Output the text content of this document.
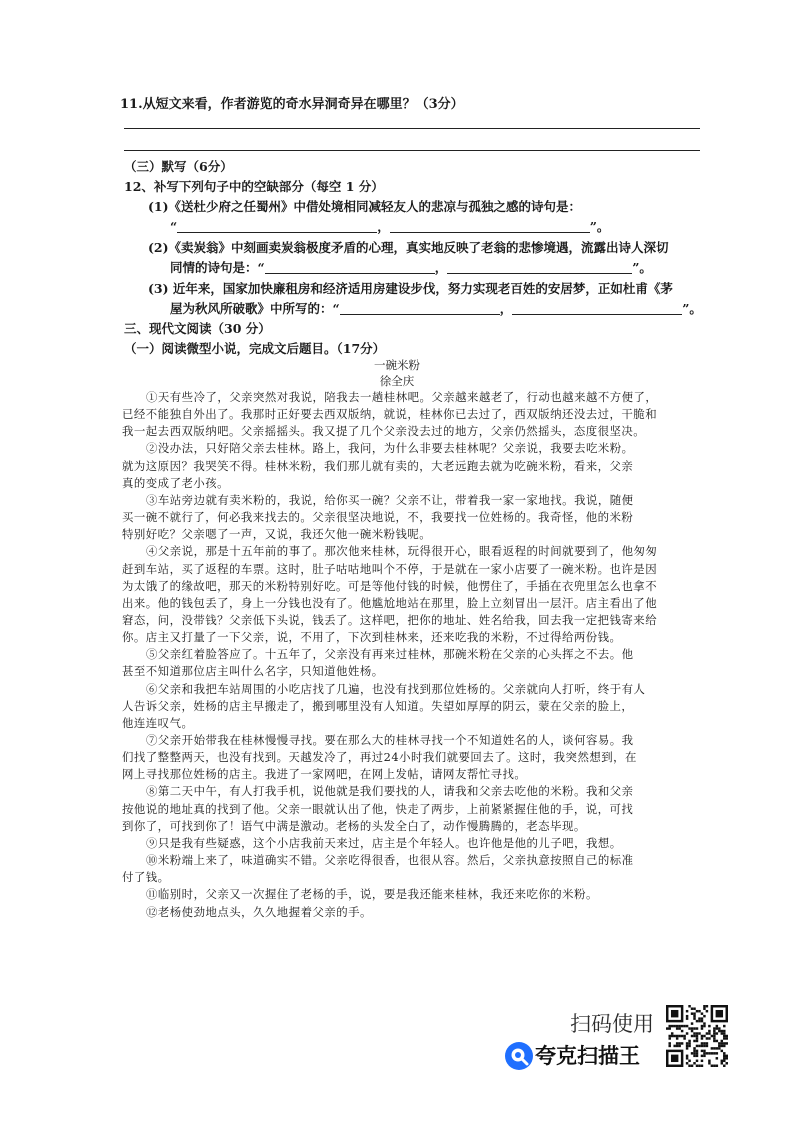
11.从短文来看，作者游览的奇水异洞奇异在哪里？（3分）
（三）默写（6分）
12、补写下列句子中的空缺部分（每空 1 分）
(1)《送杜少府之任蜀州》中借处境相同减轻友人的悲凉与孤独之感的诗句是：
“	，	”。
(2)《卖炭翁》中刻画卖炭翁极度矛盾的心理，真实地反映了老翁的悲惨境遇，流露出诗人深切
同情的诗句是：“	，	”。
(3) 近年来，国家加快廉租房和经济适用房建设步伐，努力实现老百姓的安居梦，正如杜甫《茅
屋为秋风所破歌》中所写的：“	，	”。
三、现代文阅读（30 分）
（一）阅读微型小说，完成文后题目。（17分）
一碗米粉
徐全庆
①天有些冷了，父亲突然对我说，陪我去一趟桂林吧。父亲越来越老了，行动也越来越不方便了，
已经不能独自外出了。我那时正好要去西双版纳，就说，桂林你已去过了，西双版纳还没去过，干脆和
我一起去西双版纳吧。父亲摇摇头。我又提了几个父亲没去过的地方，父亲仍然摇头，态度很坚决。
②没办法，只好陪父亲去桂林。路上，我问，为什么非要去桂林呢？父亲说，我要去吃米粉。
就为这原因？我哭笑不得。桂林米粉，我们那儿就有卖的，大老远跑去就为吃碗米粉，看来，父亲
真的变成了老小孩。
③车站旁边就有卖米粉的，我说，给你买一碗？父亲不让，带着我一家一家地找。我说，随便
买一碗不就行了，何必我来找去的。父亲很坚决地说，不，我要找一位姓杨的。我奇怪，他的米粉
特别好吃？父亲嗯了一声，又说，我还欠他一碗米粉钱呢。
④父亲说，那是十五年前的事了。那次他来桂林，玩得很开心，眼看返程的时间就要到了，他匆匆
赶到车站，买了返程的车票。这时，肚子咕咕地叫个不停，于是就在一家小店要了一碗米粉。也许是因
为太饿了的缘故吧，那天的米粉特别好吃。可是等他付钱的时候，他愣住了，手插在衣兜里怎么也拿不
出来。他的钱包丢了，身上一分钱也没有了。他尴尬地站在那里，脸上立刻冒出一层汗。店主看出了他
窘态，问，没带钱？父亲低下头说，钱丢了。这样吧，把你的地址、姓名给我，回去我一定把钱寄来给
你。店主又打量了一下父亲，说，不用了，下次到桂林来，还来吃我的米粉，不过得给两份钱。
⑤父亲红着脸答应了。十五年了，父亲没有再来过桂林，那碗米粉在父亲的心头挥之不去。他
甚至不知道那位店主叫什么名字，只知道他姓杨。
⑥父亲和我把车站周围的小吃店找了几遍，也没有找到那位姓杨的。父亲就向人打听，终于有人
人告诉父亲，姓杨的店主早搬走了，搬到哪里没有人知道。失望如厚厚的阴云，蒙在父亲的脸上，
他连连叹气。
⑦父亲开始带我在桂林慢慢寻找。要在那么大的桂林寻找一个不知道姓名的人，谈何容易。我
们找了整整两天，也没有找到。天越发冷了，再过24小时我们就要回去了。这时，我突然想到，在
网上寻找那位姓杨的店主。我进了一家网吧，在网上发帖，请网友帮忙寻找。
⑧第二天中午，有人打我手机，说他就是我们要找的人，请我和父亲去吃他的米粉。我和父亲
按他说的地址真的找到了他。父亲一眼就认出了他，快走了两步，上前紧紧握住他的手，说，可找
到你了，可找到你了！语气中满是激动。老杨的头发全白了，动作慢腾腾的，老态毕现。
⑨只是我有些疑惑，这个小店我前天来过，店主是个年轻人。也许他是他的儿子吧，我想。
⑩米粉端上来了，味道确实不错。父亲吃得很香，也很从容。然后，父亲执意按照自己的标准
付了钱。
⑪临别时，父亲又一次握住了老杨的手，说，要是我还能来桂林，我还来吃你的米粉。
⑫老杨使劲地点头，久久地握着父亲的手。
扫码使用
夸克扫描王
